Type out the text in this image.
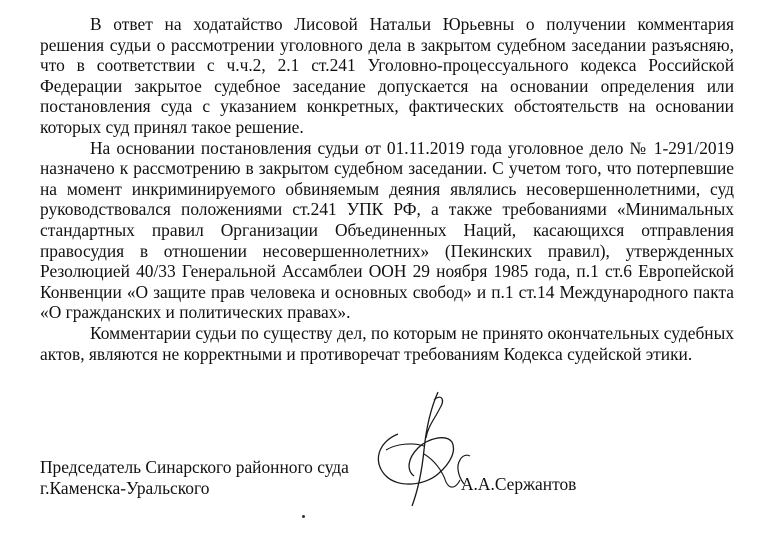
В ответ на ходатайство Лисовой Натальи Юрьевны о получении комментария решения судьи о рассмотрении уголовного дела в закрытом судебном заседании разъясняю, что в соответствии с ч.ч.2, 2.1 ст.241 Уголовно-процессуального кодекса Российской Федерации закрытое судебное заседание допускается на основании определения или постановления суда с указанием конкретных, фактических обстоятельств на основании которых суд принял такое решение.

На основании постановления судьи от 01.11.2019 года уголовное дело № 1-291/2019 назначено к рассмотрению в закрытом судебном заседании. С учетом того, что потерпевшие на момент инкриминируемого обвиняемым деяния являлись несовершеннолетними, суд руководствовался положениями ст.241 УПК РФ, а также требованиями «Минимальных стандартных правил Организации Объединенных Наций, касающихся отправления правосудия в отношении несовершеннолетних» (Пекинских правил), утвержденных Резолюцией 40/33 Генеральной Ассамблеи ООН 29 ноября 1985 года, п.1 ст.6 Европейской Конвенции «О защите прав человека и основных свобод» и п.1 ст.14 Международного пакта «О гражданских и политических правах».

Комментарии судьи по существу дел, по которым не принято окончательных судебных актов, являются не корректными и противоречат требованиям Кодекса судейской этики.

Председатель Синарского районного суда
г.Каменска-Уральского	А.А.Сержантов
